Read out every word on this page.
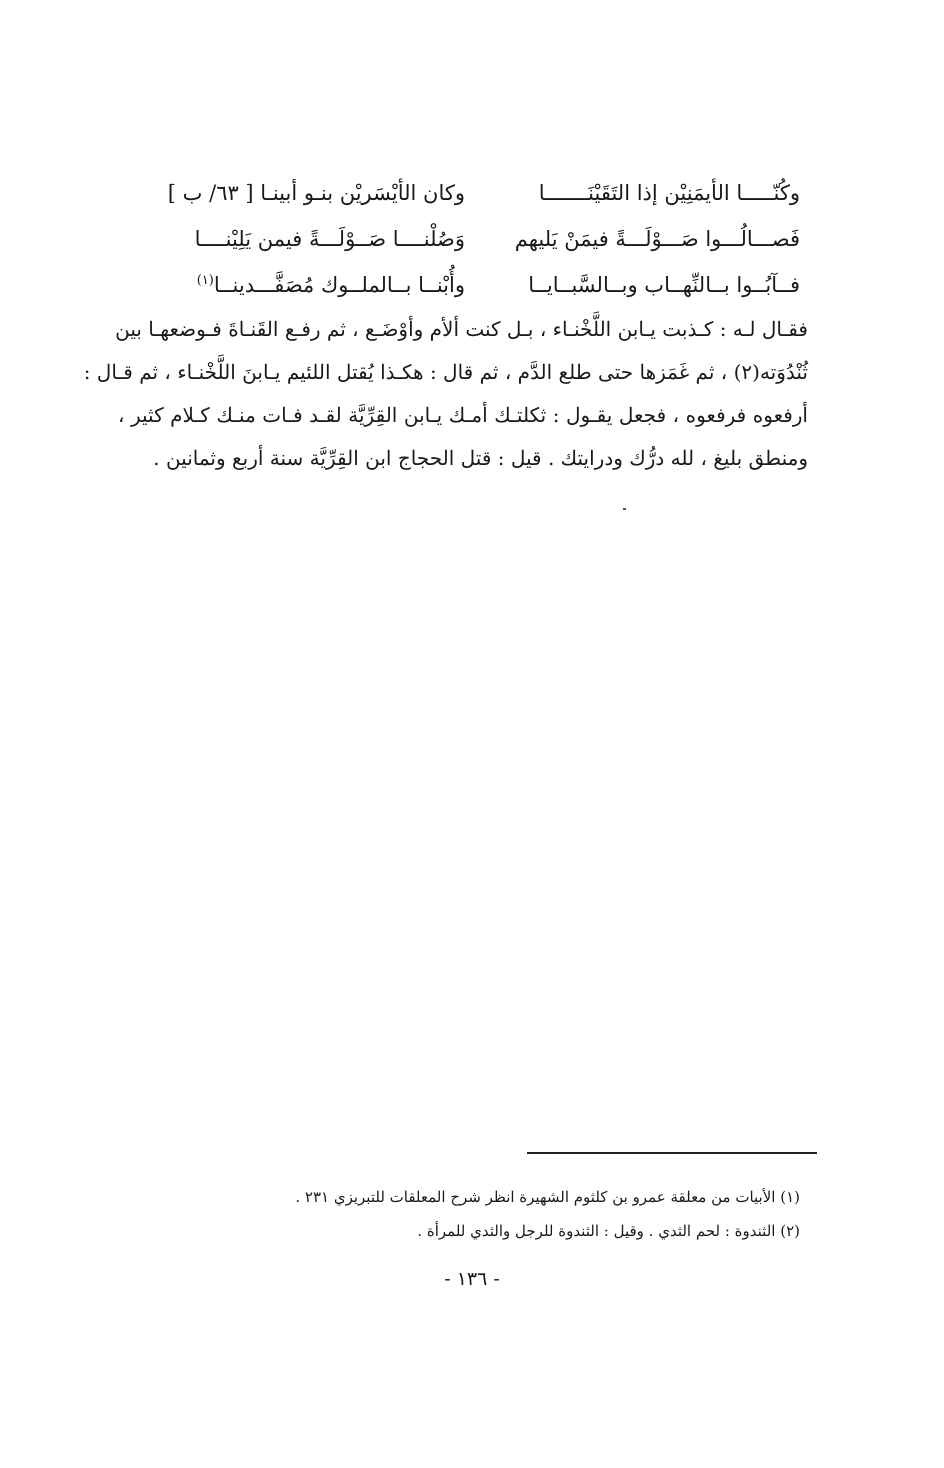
وكُنّـــــا الأيمَنِيْن إذا التَقَيْنَـــــــا
وكان الأيْسَريْن بنـو أبينـا [ ٦٣/ ب ]
فَصـــالُـــوا صَـــوْلَـــةً فيمَنْ يَليهم
وَصُلْنــــا صَــوْلَـــةً فيمن يَلِيْنــــا
فــآبُــوا بــالنِّهــاب وبــالسَّبــايــا
وأُبْنــا بــالملــوك مُصَفَّـــدينــا$^{(١)}$
فقـال لـه : كـذبت يـابن اللَّخْنـاء ، بـل كنت ألأم وأوْضَـع ، ثم رفـع القَنـاةَ فـوضعهـا بين
ثُنْدُوَته(٢) ، ثم غَمَزها حتى طلع الدَّم ، ثم قال : هكـذا يُقتل اللئيم يـابنَ اللَّخْنـاء ، ثم قـال :
أرفعوه فرفعوه ، فجعل يقـول : ثكلتـك أمـك يـابن القِرِّيَّة لقـد فـات منـك كـلام كثير ،
ومنطق بليغ ، لله درُّك ودرايتك . قيل : قتل الحجاج ابن القِرِّيَّة سنة أربع وثمانين .
(١) الأبيات من معلقة عمرو بن كلثوم الشهيرة انظر شرح المعلقات للتبريزي ٢٣١ .
(٢) الثندوة : لحم الثدي . وقيل : الثندوة للرجل والثدي للمرأة .
- ١٣٦ -
